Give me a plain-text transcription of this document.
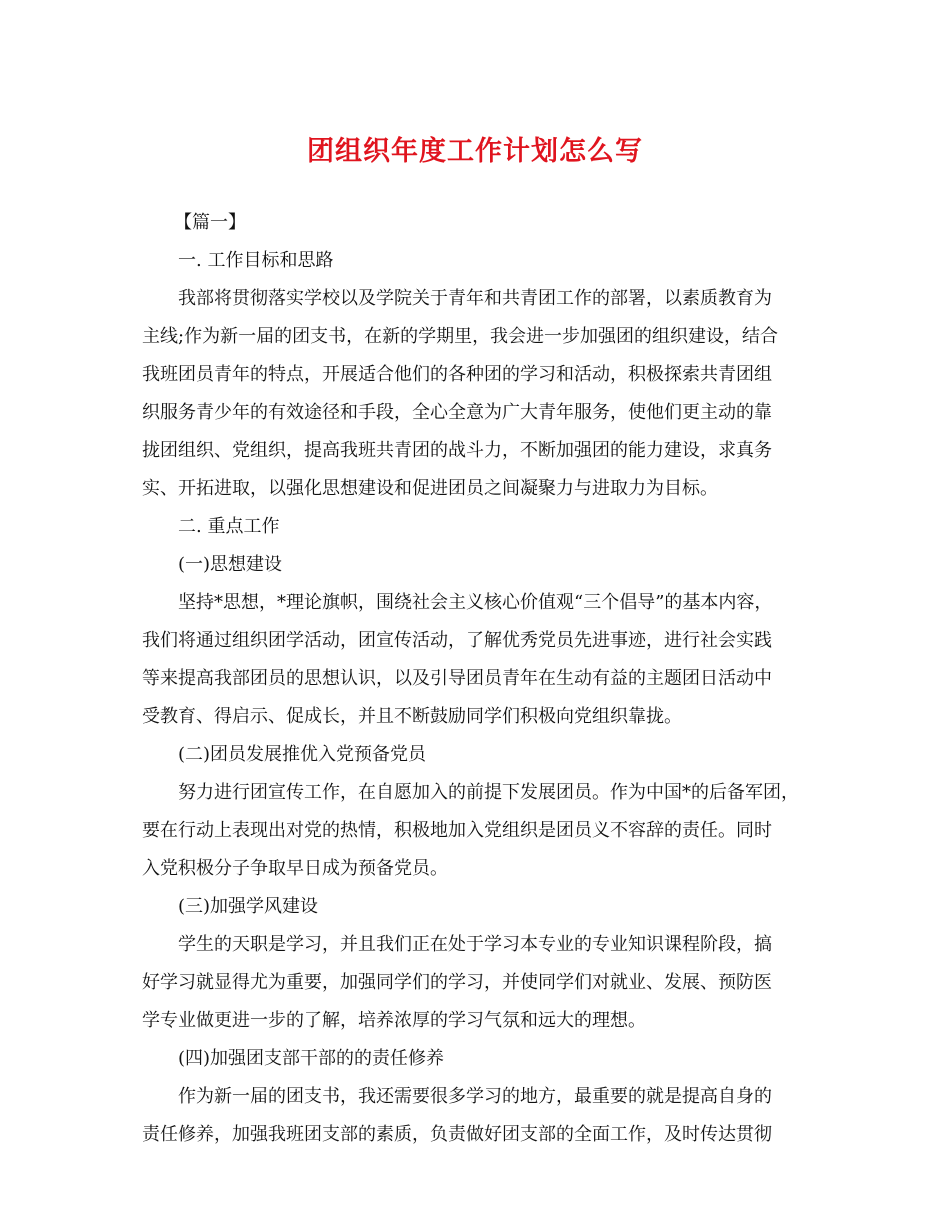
团组织年度工作计划怎么写
【篇一】
一. 工作目标和思路
我部将贯彻落实学校以及学院关于青年和共青团工作的部署，以素质教育为
主线;作为新一届的团支书，在新的学期里，我会进一步加强团的组织建设，结合
我班团员青年的特点，开展适合他们的各种团的学习和活动，积极探索共青团组
织服务青少年的有效途径和手段，全心全意为广大青年服务，使他们更主动的靠
拢团组织、党组织，提高我班共青团的战斗力，不断加强团的能力建设，求真务
实、开拓进取，以强化思想建设和促进团员之间凝聚力与进取力为目标。
二. 重点工作
(一)思想建设
坚持*思想，*理论旗帜，围绕社会主义核心价值观“三个倡导”的基本内容，
我们将通过组织团学活动，团宣传活动，了解优秀党员先进事迹，进行社会实践
等来提高我部团员的思想认识，以及引导团员青年在生动有益的主题团日活动中
受教育、得启示、促成长，并且不断鼓励同学们积极向党组织靠拢。
(二)团员发展推优入党预备党员
努力进行团宣传工作，在自愿加入的前提下发展团员。作为中国*的后备军团，
要在行动上表现出对党的热情，积极地加入党组织是团员义不容辞的责任。同时
入党积极分子争取早日成为预备党员。
(三)加强学风建设
学生的天职是学习，并且我们正在处于学习本专业的专业知识课程阶段，搞
好学习就显得尤为重要，加强同学们的学习，并使同学们对就业、发展、预防医
学专业做更进一步的了解，培养浓厚的学习气氛和远大的理想。
(四)加强团支部干部的的责任修养
作为新一届的团支书，我还需要很多学习的地方，最重要的就是提高自身的
责任修养，加强我班团支部的素质，负责做好团支部的全面工作，及时传达贯彻
